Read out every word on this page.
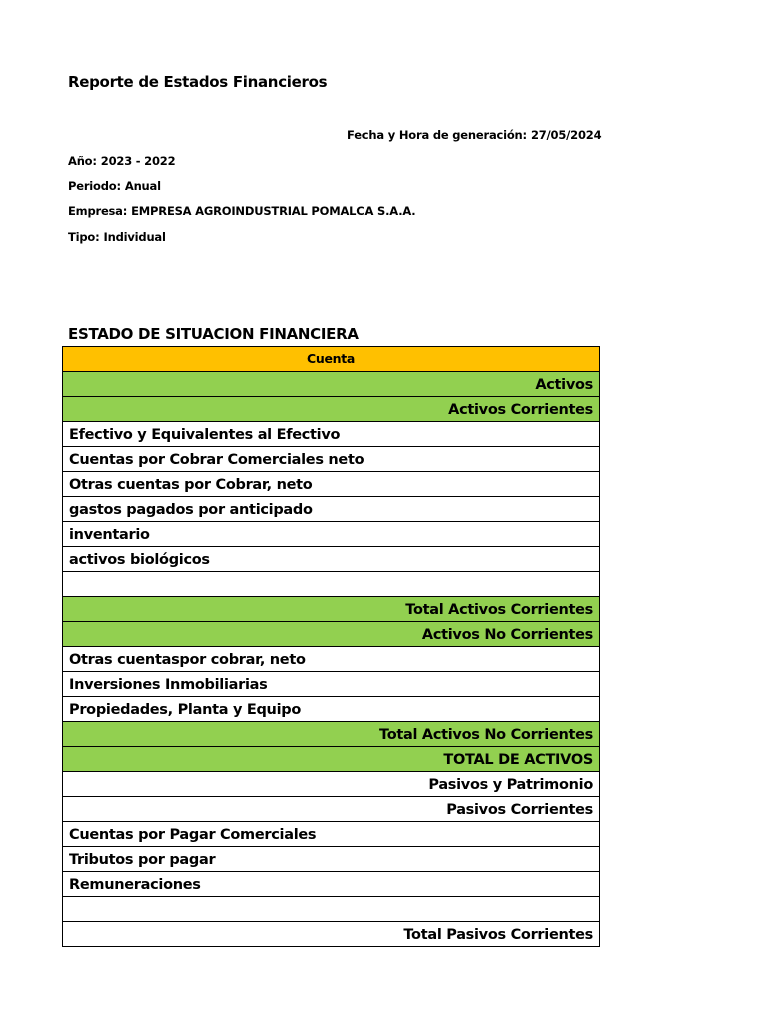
Reporte de Estados Financieros
Fecha y Hora de generación: 27/05/2024
Año: 2023 - 2022
Periodo: Anual
Empresa: EMPRESA AGROINDUSTRIAL POMALCA S.A.A.
Tipo: Individual
ESTADO DE SITUACION FINANCIERA
Cuenta
Activos
Activos Corrientes
Efectivo y Equivalentes al Efectivo
Cuentas por Cobrar Comerciales neto
Otras cuentas por Cobrar, neto
gastos pagados por anticipado
inventario
activos biológicos

Total Activos Corrientes
Activos No Corrientes
Otras cuentaspor cobrar, neto
Inversiones Inmobiliarias
Propiedades, Planta y Equipo
Total Activos No Corrientes
TOTAL DE ACTIVOS
Pasivos y Patrimonio
Pasivos Corrientes
Cuentas por Pagar Comerciales
Tributos por pagar
Remuneraciones

Total Pasivos Corrientes
